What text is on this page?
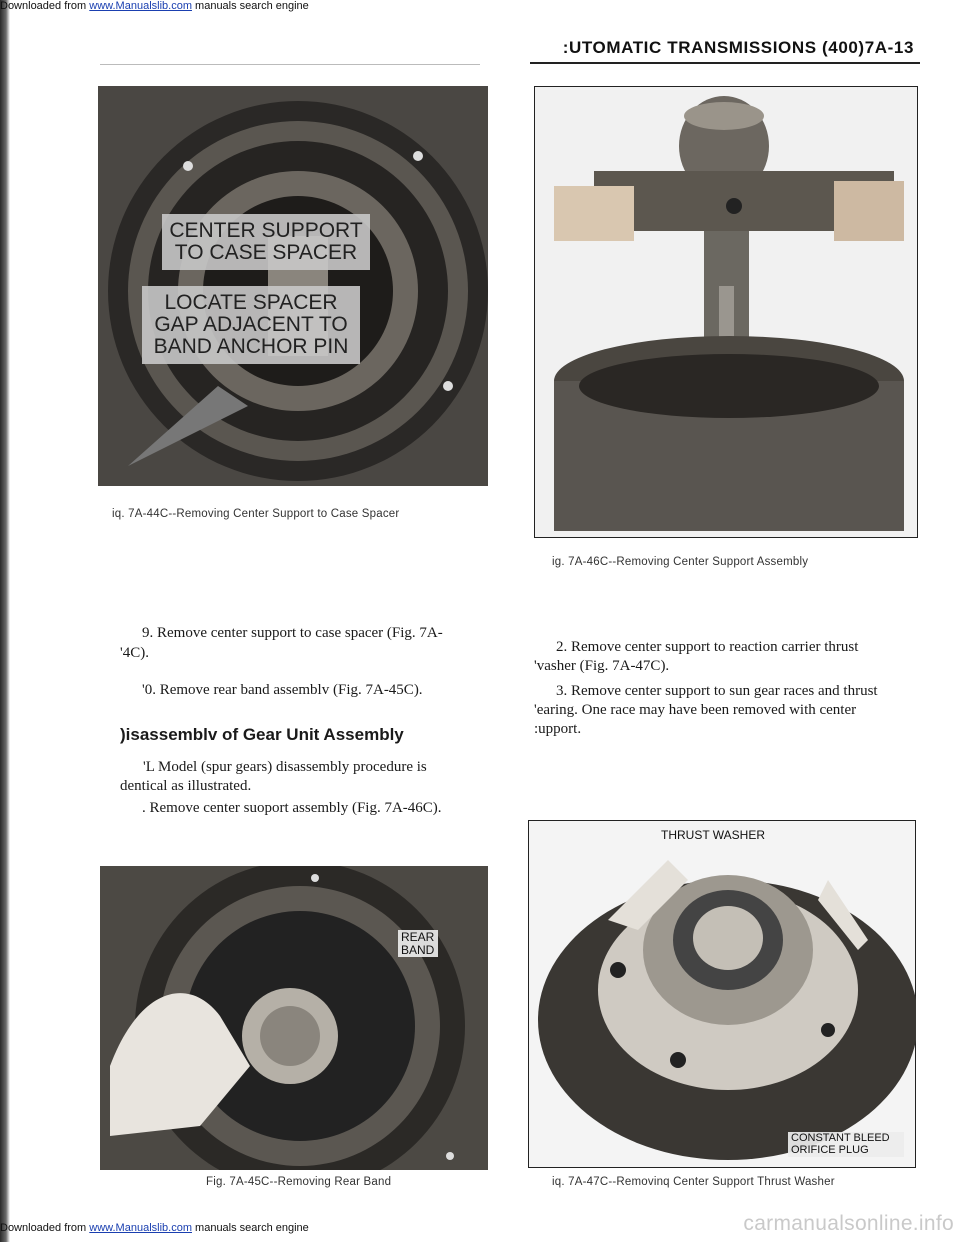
Downloaded from www.Manualslib.com manuals search engine
:UTOMATIC TRANSMISSIONS (400)7A-13
CENTER SUPPORT TO CASE SPACER
LOCATE SPACER GAP ADJACENT TO BAND ANCHOR PIN
iq. 7A-44C--Removing Center Support to Case Spacer
ig. 7A-46C--Removing Center Support Assembly
9. Remove center support to case spacer (Fig. 7A-
'4C).
'0. Remove rear band assemblv (Fig. 7A-45C).
)isassemblv of Gear Unit Assembly
'L Model (spur gears) disassembly procedure is
dentical as illustrated.
. Remove center suoport assembly (Fig. 7A-46C).
2. Remove center support to reaction carrier thrust
'vasher (Fig. 7A-47C).
3. Remove center support to sun gear races and thrust
'earing. One race may have been removed with center
:upport.
REAR BAND
Fig. 7A-45C--Removing Rear Band
THRUST WASHER
CONSTANT BLEED ORIFICE PLUG
iq. 7A-47C--Removinq Center Support Thrust Washer
Downloaded from www.Manualslib.com manuals search engine	carmanualsonline.info
